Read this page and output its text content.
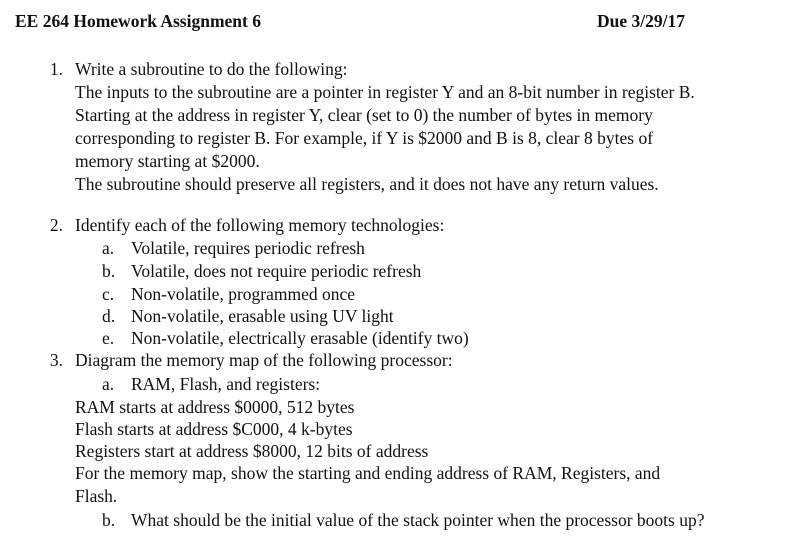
EE 264 Homework Assignment 6	Due 3/29/17
1. Write a subroutine to do the following:
The inputs to the subroutine are a pointer in register Y and an 8-bit number in register B.
Starting at the address in register Y, clear (set to 0) the number of bytes in memory
corresponding to register B. For example, if Y is $2000 and B is 8, clear 8 bytes of
memory starting at $2000.
The subroutine should preserve all registers, and it does not have any return values.
2. Identify each of the following memory technologies:
a. Volatile, requires periodic refresh
b. Volatile, does not require periodic refresh
c. Non-volatile, programmed once
d. Non-volatile, erasable using UV light
e. Non-volatile, electrically erasable (identify two)
3. Diagram the memory map of the following processor:
a. RAM, Flash, and registers:
RAM starts at address $0000, 512 bytes
Flash starts at address $C000, 4 k-bytes
Registers start at address $8000, 12 bits of address
For the memory map, show the starting and ending address of RAM, Registers, and
Flash.
b. What should be the initial value of the stack pointer when the processor boots up?
